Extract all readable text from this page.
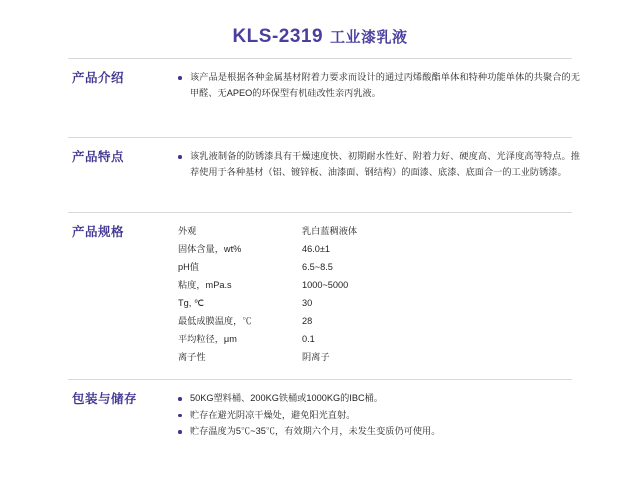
KLS-2319 工业漆乳液
产品介绍	该产品是根据各种金属基材附着力要求而设计的通过丙烯酸酯单体和特种功能单体的共聚合的无甲醛、无APEO的环保型有机硅改性亲丙乳液。
产品特点	该乳液制备的防锈漆具有干燥速度快、初期耐水性好、附着力好、硬度高、光泽度高等特点。推荐使用于各种基材（铝、镀锌板、油漆面、钢结构）的面漆、底漆、底面合一的工业防锈漆。
产品规格	外观	乳白蓝稠液体
固体含量，wt%	46.0±1
pH值	6.5~8.5
粘度，mPa.s	1000~5000
Tg, ℃	30
最低成膜温度，℃	28
平均粒径，μm	0.1
离子性	阴离子
包装与储存	50KG塑料桶、200KG铁桶或1000KG的IBC桶。
贮存在避光阴凉干燥处，避免阳光直射。
贮存温度为5℃~35℃，有效期六个月，未发生变质仍可使用。
